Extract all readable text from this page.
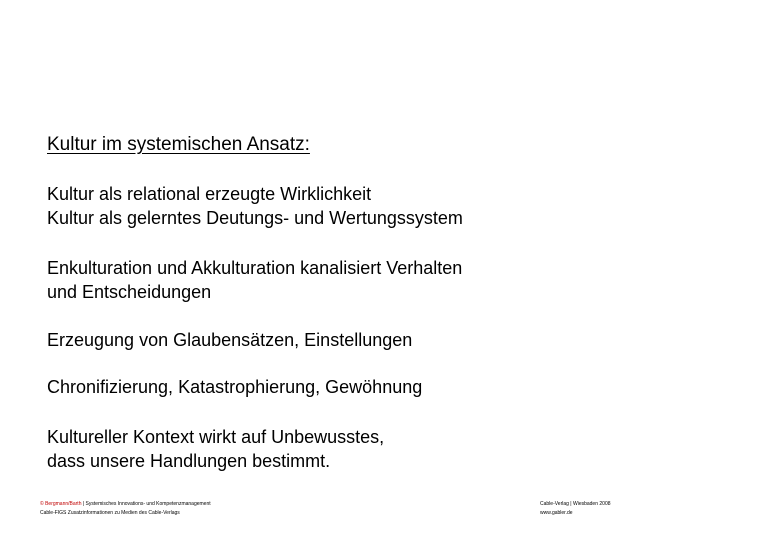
Kultur im systemischen Ansatz:
Kultur als relational erzeugte Wirklichkeit
Kultur als gelerntes Deutungs- und Wertungssystem
Enkulturation und Akkulturation kanalisiert Verhalten
und Entscheidungen
Erzeugung von Glaubensätzen, Einstellungen
Chronifizierung, Katastrophierung, Gewöhnung
Kultureller Kontext wirkt auf Unbewusstes,
dass unsere Handlungen bestimmt.
© Bergmann/Barth | Systemisches Innovations- und Kompetenzmanagement
Cable-FIGS Zusatzinformationen zu Medien des Cable-Verlags
Cable-Verlag | Wiesbaden 2008
www.gabler.de
